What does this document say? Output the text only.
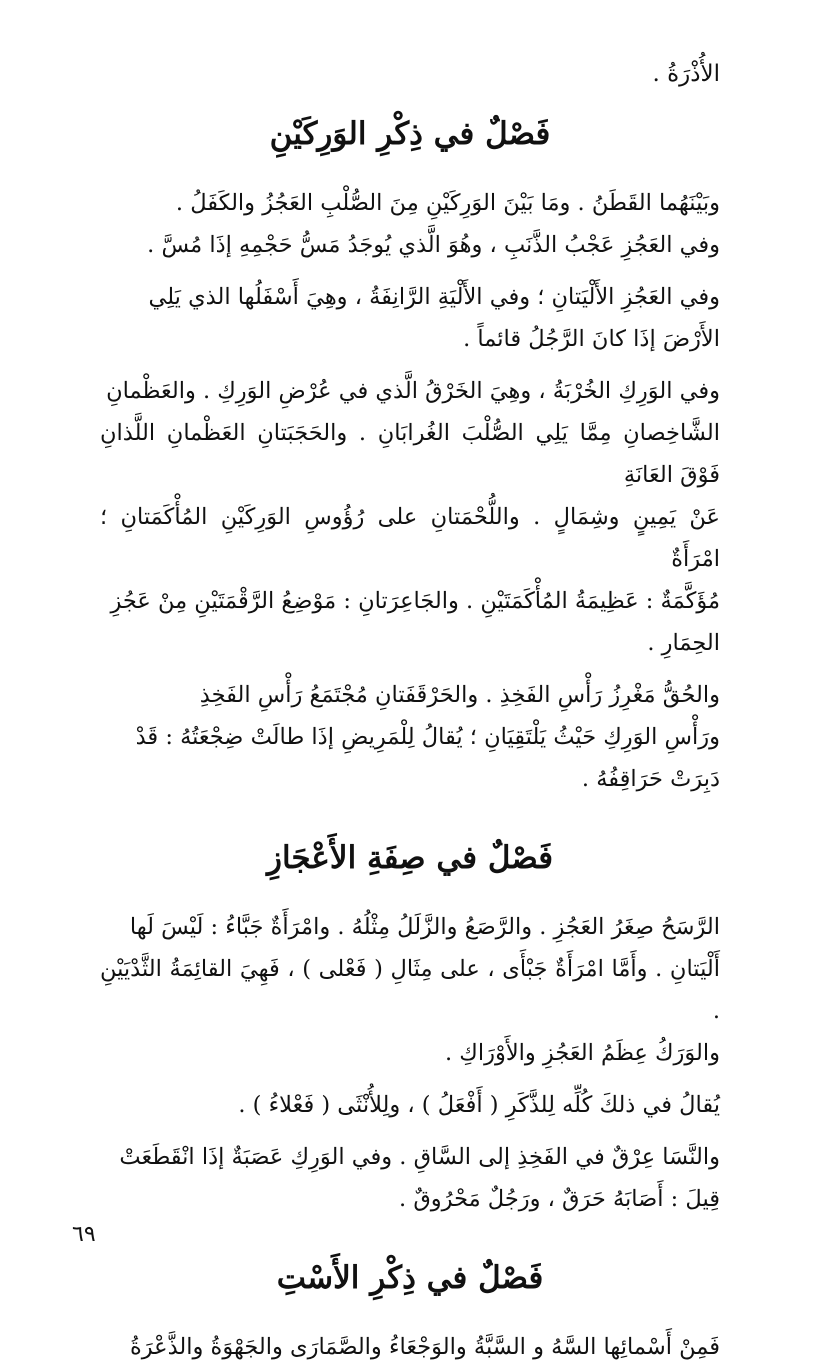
الأُذْرَةُ .
فَصْلٌ في ذِكْرِ الوَرِكَيْنِ

وبَيْنَهُما القَطَنُ . ومَا بَيْنَ الوَرِكَيْنِ مِنَ الصُّلْبِ العَجُزُ والكَفَلُ .
وفي العَجُزِ عَجْبُ الذَّنَبِ ، وهُوَ الَّذي يُوجَدُ مَسُّ حَجْمِهِ إذَا مُسَّ .

وفي العَجُزِ الأَلْيَتانِ ؛ وفي الأَلْيَةِ الرَّانِفَةُ ، وهِيَ أَسْفَلُها الذي يَلِي
الأَرْضَ إذَا كانَ الرَّجُلُ قائماً .

وفي الوَرِكِ الخُرْبَةُ ، وهِيَ الخَرْقُ الَّذي في عُرْضِ الوَرِكِ . والعَظْمانِ
الشَّاخِصانِ مِمَّا يَلِي الصُّلْبَ الغُرابَانِ . والحَجَبَتانِ العَظْمانِ اللَّذانِ فَوْقَ العَانَةِ
عَنْ يَمِينٍ وشِمَالٍ . واللُّحْمَتانِ على رُؤُوسِ الوَرِكَيْنِ المُأْكَمَتانِ ؛ امْرَأَةٌ
مُؤَكَّمَةٌ : عَظِيمَةُ المُأْكَمَتَيْنِ . والجَاعِرَتانِ : مَوْضِعُ الرَّقْمَتَيْنِ مِنْ عَجُزِ
الحِمَارِ .

والحُقُّ مَغْرِزُ رَأْسِ الفَخِذِ . والحَرْقَفَتانِ مُجْتَمَعُ رَأْسِ الفَخِذِ
ورَأْسِ الوَرِكِ حَيْثُ يَلْتَقِيَانِ ؛ يُقالُ لِلْمَرِيضِ إذَا طالَتْ ضِجْعَتُهُ : قَدْ
دَبِرَتْ حَرَاقِفُهُ .

فَصْلٌ في صِفَةِ الأَعْجَازِ

الرَّسَحُ صِغَرُ العَجُزِ . والرَّصَعُ والزَّلَلُ مِثْلُهُ . وامْرَأَةٌ جَبَّاءُ : لَيْسَ لَها
أَلْيَتانِ . وأَمَّا امْرَأَةٌ جَبْأَى ، على مِثَالِ ( فَعْلى ) ، فَهِيَ القائِمَةُ الثَّدْيَيْنِ .
والوَرَكُ عِظَمُ العَجُزِ والأَوْرَاكِ .

يُقالُ في ذلكَ كُلِّه لِلذَّكَرِ ( أَفْعَلُ ) ، ولِلأُنْثَى ( فَعْلاءُ ) .

والنَّسَا عِرْقٌ في الفَخِذِ إلى السَّاقِ . وفي الوَرِكِ عَصَبَةٌ إذَا انْقَطَعَتْ
قِيلَ : أَصَابَهُ حَرَقٌ ، ورَجُلٌ مَحْرُوقٌ .

فَصْلٌ في ذِكْرِ الأَسْتِ

فَمِنْ أَسْمائِها السَّهُ و السَّبَّةُ والوَجْعَاءُ والصَّمَارَى والجَهْوَةُ والذَّعْرَةُ

٦٩
